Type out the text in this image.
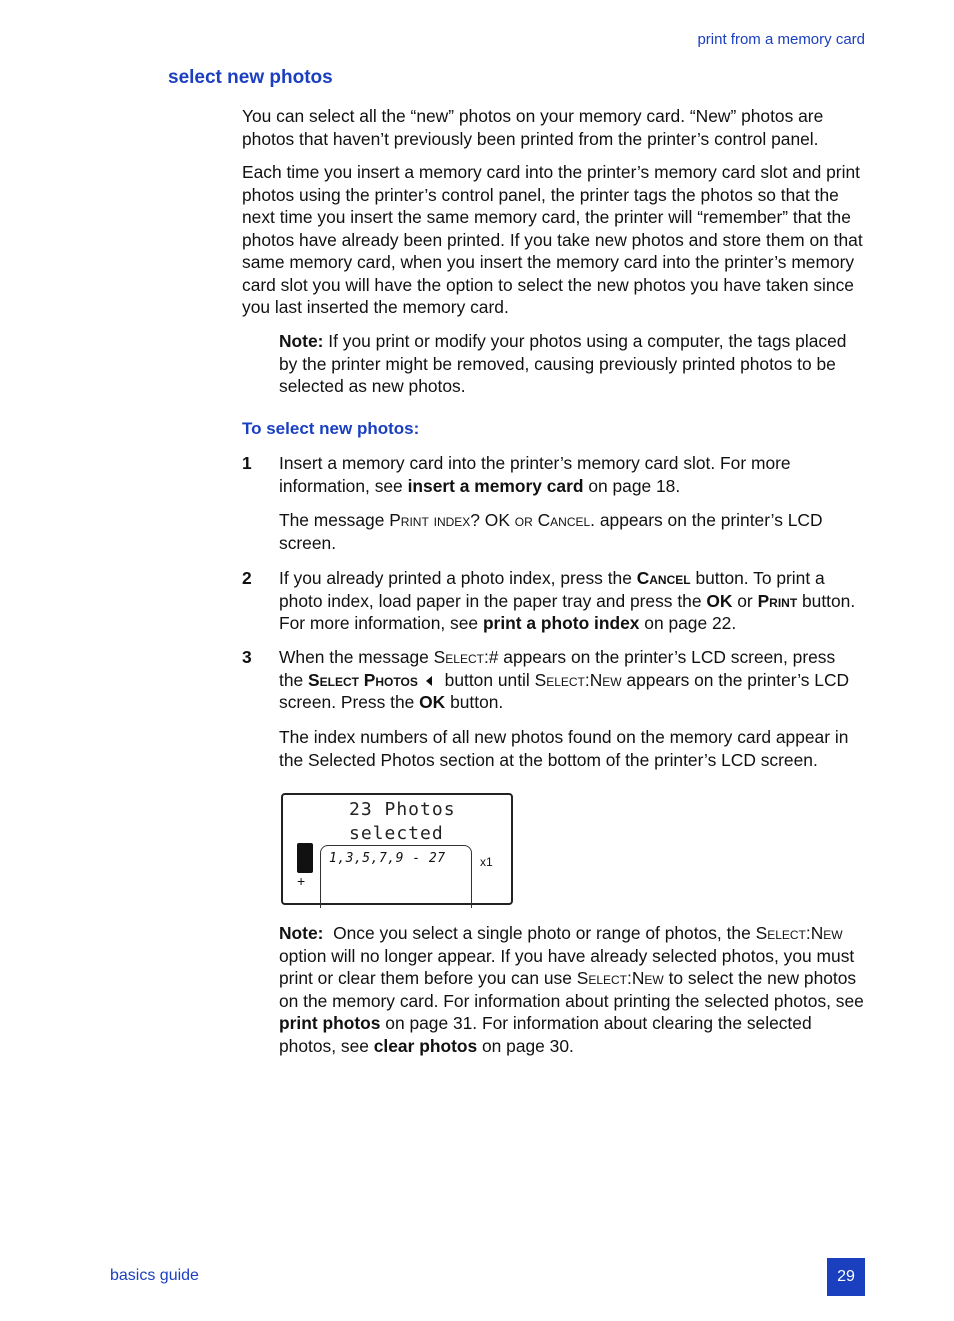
print from a memory card
select new photos
You can select all the “new” photos on your memory card. “New” photos are photos that haven’t previously been printed from the printer’s control panel.
Each time you insert a memory card into the printer’s memory card slot and print photos using the printer’s control panel, the printer tags the photos so that the next time you insert the same memory card, the printer will “remember” that the photos have already been printed. If you take new photos and store them on that same memory card, when you insert the memory card into the printer’s memory card slot you will have the option to select the new photos you have taken since you last inserted the memory card.
Note: If you print or modify your photos using a computer, the tags placed by the printer might be removed, causing previously printed photos to be selected as new photos.
To select new photos:
1 Insert a memory card into the printer’s memory card slot. For more information, see insert a memory card on page 18.
The message Print index? OK or Cancel. appears on the printer’s LCD screen.
2 If you already printed a photo index, press the Cancel button. To print a photo index, load paper in the paper tray and press the OK or Print button. For more information, see print a photo index on page 22.
3 When the message Select:# appears on the printer’s LCD screen, press the Select Photos button until Select:New appears on the printer’s LCD screen. Press the OK button.
The index numbers of all new photos found on the memory card appear in the Selected Photos section at the bottom of the printer’s LCD screen.
23 Photos
selected
+
1,3,5,7,9 - 27	x1
Note: Once you select a single photo or range of photos, the Select:New option will no longer appear. If you have already selected photos, you must print or clear them before you can use Select:New to select the new photos on the memory card. For information about printing the selected photos, see print photos on page 31. For information about clearing the selected photos, see clear photos on page 30.
basics guide	29
